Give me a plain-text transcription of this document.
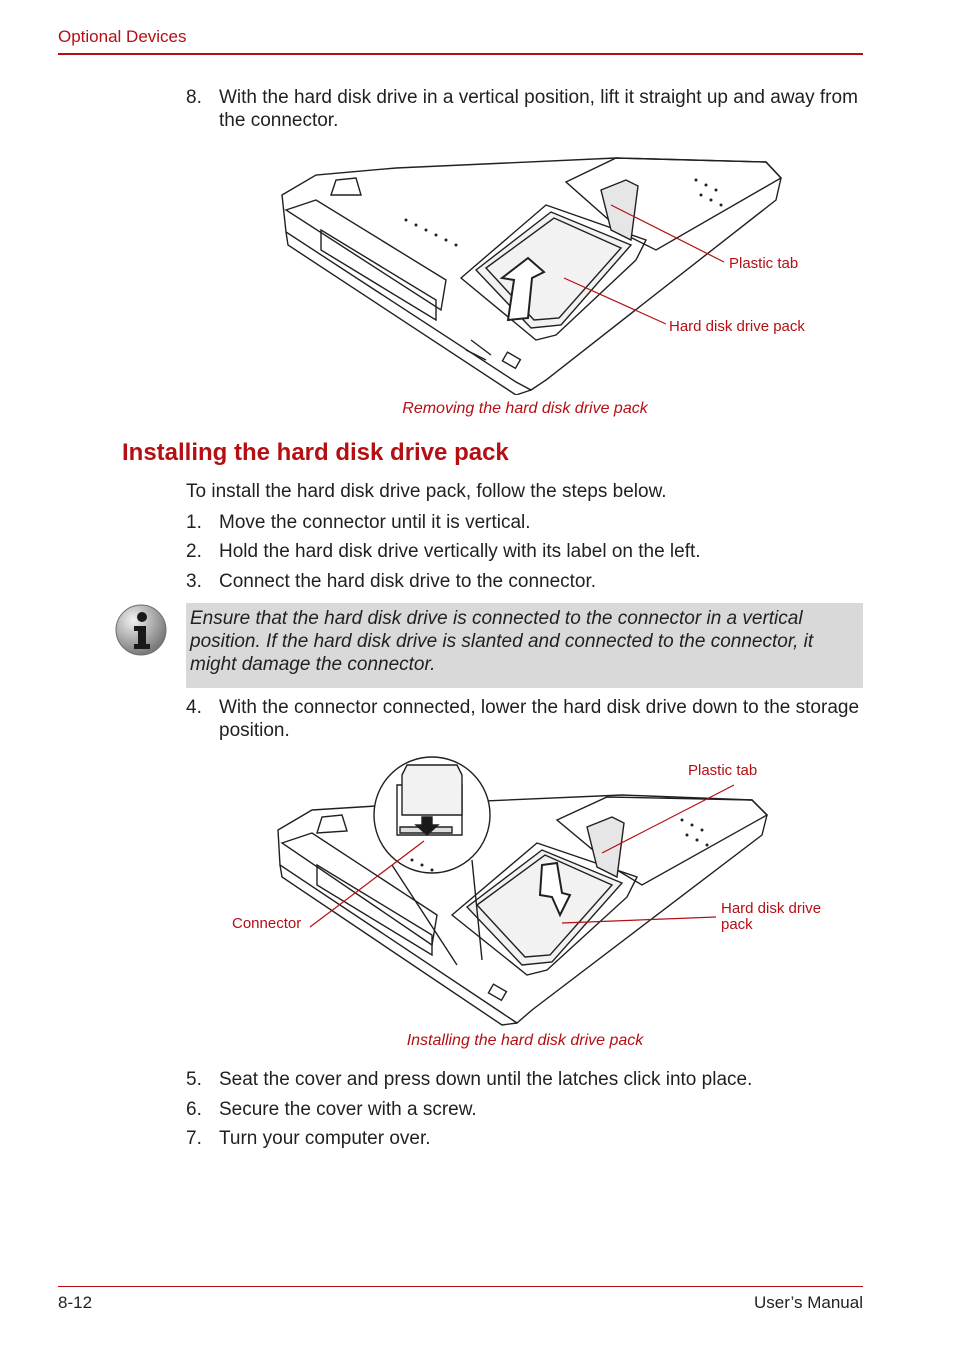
Optional Devices
8. With the hard disk drive in a vertical position, lift it straight up and away from the connector.
Plastic tab
Hard disk drive pack
Removing the hard disk drive pack
Installing the hard disk drive pack
To install the hard disk drive pack, follow the steps below.
1. Move the connector until it is vertical.
2. Hold the hard disk drive vertically with its label on the left.
3. Connect the hard disk drive to the connector.

Ensure that the hard disk drive is connected to the connector in a vertical position. If the hard disk drive is slanted and connected to the connector, it might damage the connector.

4. With the connector connected, lower the hard disk drive down to the storage position.
Plastic tab
Hard disk drive
pack
Connector
Installing the hard disk drive pack
5. Seat the cover and press down until the latches click into place.
6. Secure the cover with a screw.
7. Turn your computer over.
8-12	User’s Manual
